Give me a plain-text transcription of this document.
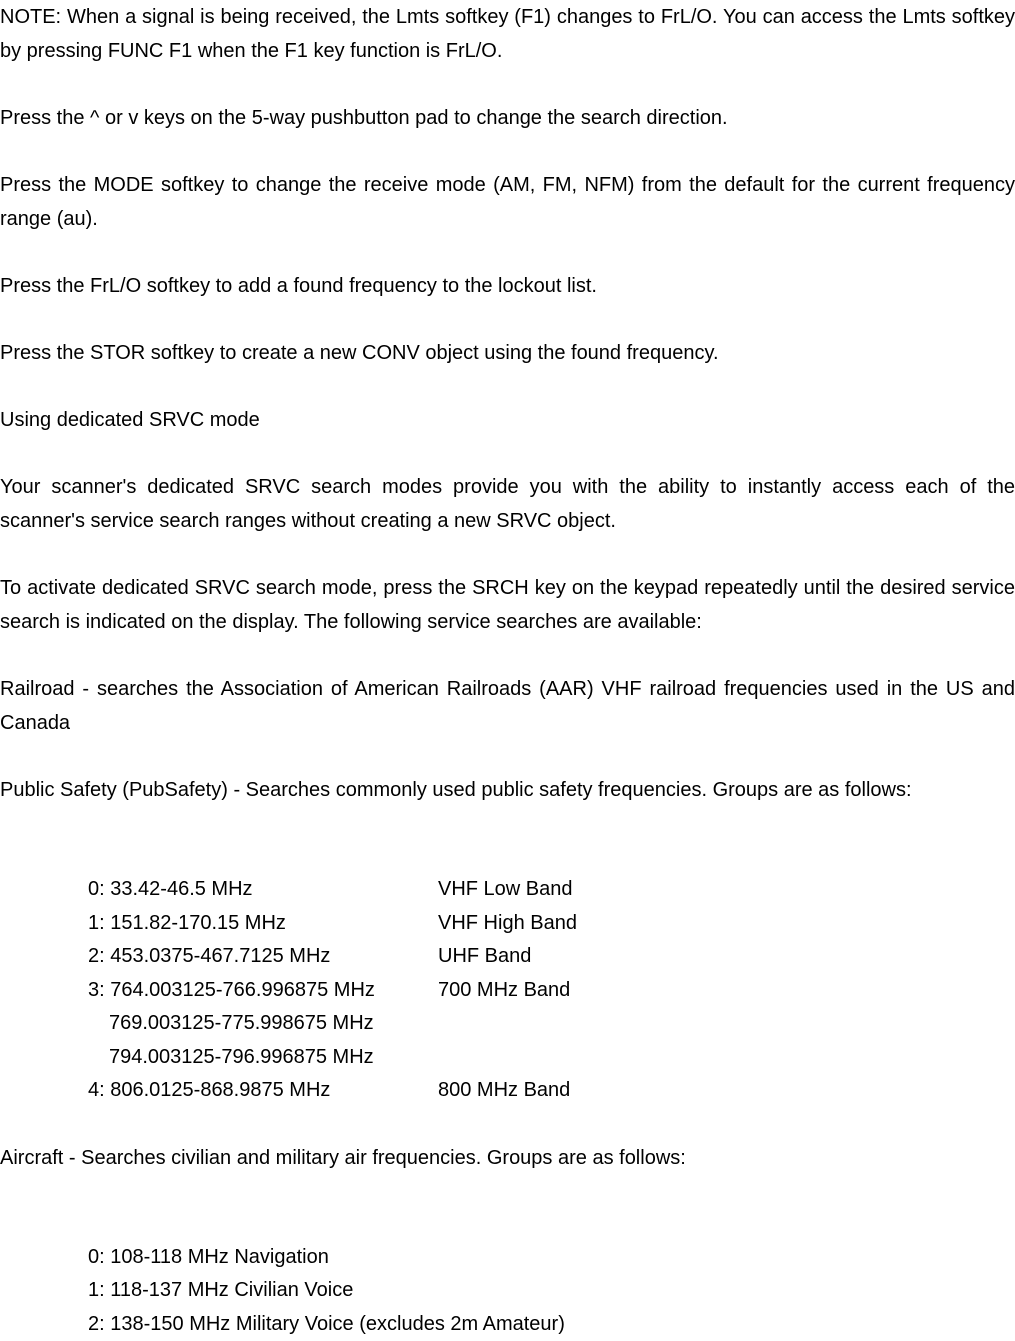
NOTE: When a signal is being received, the Lmts softkey (F1) changes to FrL/O. You can access the Lmts softkey by pressing FUNC F1 when the F1 key function is FrL/O.

Press the ^ or v keys on the 5-way pushbutton pad to change the search direction.

Press the MODE softkey to change the receive mode (AM, FM, NFM) from the default for the current frequency range (au).

Press the FrL/O softkey to add a found frequency to the lockout list.

Press the STOR softkey to create a new CONV object using the found frequency.

Using dedicated SRVC mode

Your scanner's dedicated SRVC search modes provide you with the ability to instantly access each of the scanner's service search ranges without creating a new SRVC object.

To activate dedicated SRVC search mode, press the SRCH key on the keypad repeatedly until the desired service search is indicated on the display. The following service searches are available:

Railroad - searches the Association of American Railroads (AAR) VHF railroad frequencies used in the US and Canada

Public Safety (PubSafety) - Searches commonly used public safety frequencies. Groups are as follows:

0: 33.42-46.5 MHz	VHF Low Band
1: 151.82-170.15 MHz	VHF High Band
2: 453.0375-467.7125 MHz	UHF Band
3: 764.003125-766.996875 MHz	700 MHz Band
769.003125-775.998675 MHz
794.003125-796.996875 MHz
4: 806.0125-868.9875 MHz	800 MHz Band

Aircraft - Searches civilian and military air frequencies. Groups are as follows:

0: 108-118 MHz Navigation
1: 118-137 MHz Civilian Voice
2: 138-150 MHz Military Voice (excludes 2m Amateur)
